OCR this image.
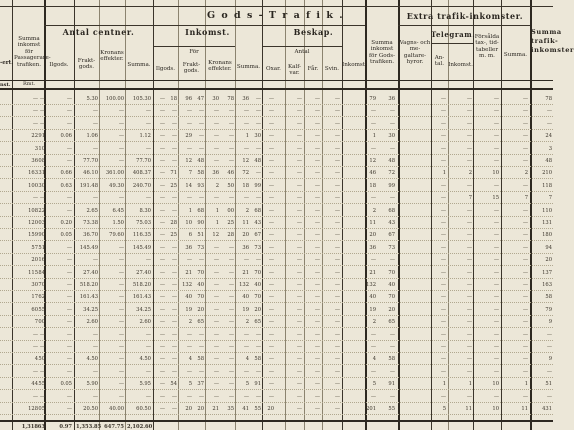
-ert.
nst.
Summa inkomst för Passagerare-trafiken.
Rmt.
G o d s - T r a f i k .
Antal centner.	Inkomst.	Beskap.
Extra trafik-inkomster.
Telegram.
Ilgods.
Frakt-gods.
Kronans effekter.
Summa.
För
Ilgods.
Frakt-gods.
Kronans effekter. Summa.
Antal
Oxar.	Kalf-var.
Får.	Svin.
Inkomst.
Summa inkomst för Gods-trafiken.
Vagns- och me-galtare-hyror.
An-tal. Inkomst.
Försålda tax-, tid-tabeller m. m.	Summa.
Summa trafik-inkomster
— —	—	5.30	100.00	105.30	—	18	96	47	30	78	36	—	—	—	—	—	79	36	—	—	—	—	78
— —	—	—	—	—	—	—	—	—	—	—	—	—	—	—	—	—	—	—	—	—	—	—	—
— —	—	—	—	—	—	—	—	—	—	—	—	—	—	—	—	—	—	—	—	—	—	—	—
22 91	0.06	1.06	—	1.12	—	—	29	—	—	—	1	30	—	—	—	—	1	30	—	—	—	—	24
3 10	—	—	—	—	—	—	—	—	—	—	—	—	—	—	—	—	—	—	—	—	—	—	3
36 08	—	77.70	—	77.70	—	—	12	48	—	—	12	48	—	—	—	—	12	48	—	—	—	—	48
163 31	0.66	46.10	361.00	408.37	—	71	7	58	36	46	72	—	—	—	—	—	46	72	1	2	10	2	210
100 30	0.63	191.48	49.30	240.70	—	25	14	93	2	50	18	99	—	—	—	—	18	99	—	—	—	—	118
— —	—	—	—	—	—	—	—	—	—	—	—	—	—	—	—	—	—	—	—	7	15	7	7
108 22	—	2.65	6.45	8.30	—	—	1	68	1	00	2	68	—	—	—	—	2	68	—	—	—	—	110
120 03	0.20	73.38	1.50	75.03	—	28	10	90	1	25	11	43	—	—	—	—	11	43	—	—	—	—	131
159 90	0.05	36.70	79.60	116.35	—	25	6	51	12	28	20	67	—	—	—	—	20	67	—	—	—	—	180
57 51	—	145.49	—	145.49	—	—	36	73	—	—	36	73	—	—	—	—	36	73	—	—	—	—	94
20 16	—	—	—	—	—	—	—	—	—	—	—	—	—	—	—	—	—	—	—	—	—	—	20
115 84	—	27.40	—	27.40	—	—	21	70	—	—	21	70	—	—	—	—	21	70	—	—	—	—	137
30 70	—	518.20	—	518.20	—	— 132	40	—	— 132	40	—	—	—	—	132	40	—	—	—	—	163
17 62	—	161.43	—	161.43	—	—	40	70	—	—	40	70	—	—	—	—	40	70	—	—	—	—	58
60 55	—	34.25	—	34.25	—	—	19	20	—	—	19	20	—	—	—	—	19	20	—	—	—	—	79
7 00	—	2.60	—	2.60	—	—	2	65	—	—	2	65	—	—	—	—	2	65	—	—	—	—	9
— —	—	—	—	—	—	—	—	—	—	—	—	—	—	—	—	—	—	—	—	—	—	—	—
— —	—	—	—	—	—	—	—	—	—	—	—	—	—	—	—	—	—	—	—	—	—	—	—
4 50	—	4.50	—	4.50	—	—	4	58	—	—	4	58	—	—	—	—	4	58	—	—	—	—	9
— —	—	—	—	—	—	—	—	—	—	—	—	—	—	—	—	—	—	—	—	—	—	—	—
44 55	0.05	5.90	—	5.95	—	54	5	37	—	—	5	91	—	—	—	—	5	91	1	1	10	1	51
— —	—	—	—	—	—	—	—	—	—	—	—	—	—	—	—	—	—	—	—	—	—	—	—
128 05	—	20.50	40.00	60.50	—	—	20	20	21	35	41	55	20	—	—	—	201	55	5	11	10	11	431
1,318 63	0.97 1,353.85 647.75 2,102.60
